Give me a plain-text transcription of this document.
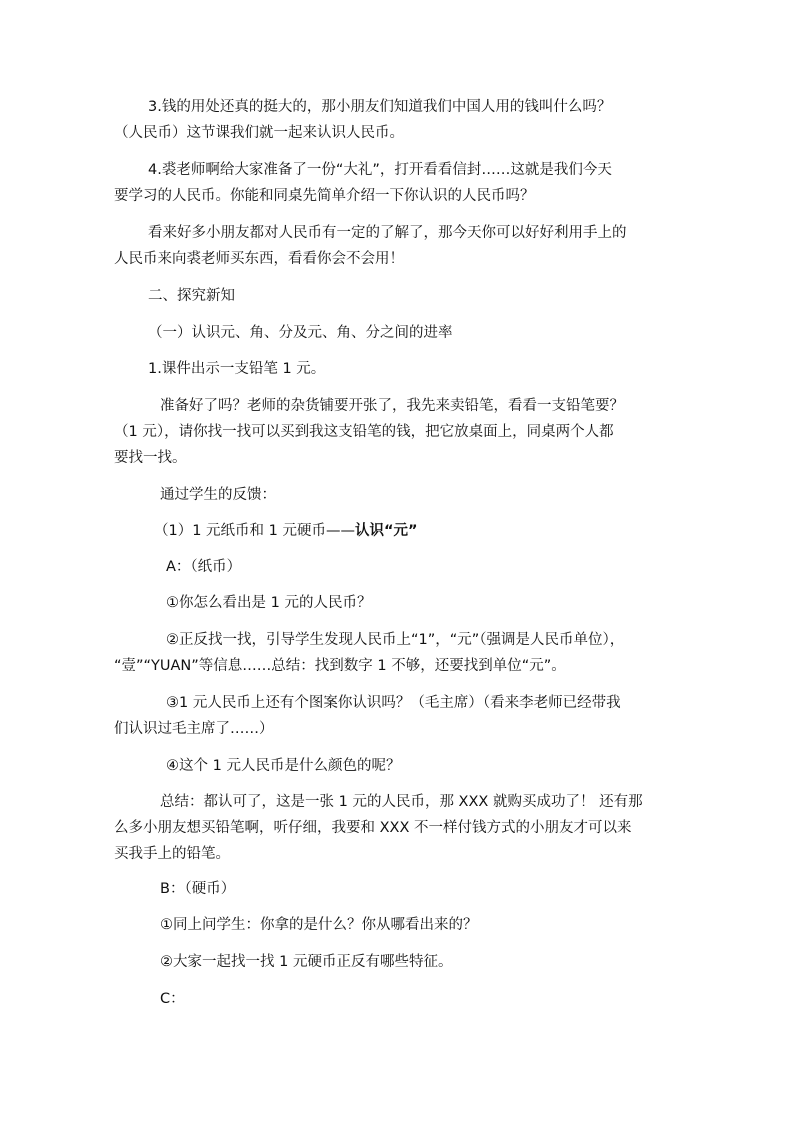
3.钱的用处还真的挺大的，那小朋友们知道我们中国人用的钱叫什么吗？
（人民币）这节课我们就一起来认识人民币。
4.裘老师啊给大家准备了一份“大礼”，打开看看信封……这就是我们今天
要学习的人民币。你能和同桌先简单介绍一下你认识的人民币吗？
看来好多小朋友都对人民币有一定的了解了，那今天你可以好好利用手上的
人民币来向裘老师买东西，看看你会不会用！
二、探究新知
（一）认识元、角、分及元、角、分之间的进率
1.课件出示一支铅笔 1 元。
准备好了吗？老师的杂货铺要开张了，我先来卖铅笔，看看一支铅笔要？
（1 元），请你找一找可以买到我这支铅笔的钱，把它放桌面上，同桌两个人都
要找一找。
通过学生的反馈：
（1）1 元纸币和 1 元硬币——认识“元”
A：（纸币）
①你怎么看出是 1 元的人民币？
②正反找一找，引导学生发现人民币上“1”，“元”（强调是人民币单位），
“壹”“YUAN”等信息……总结：找到数字 1 不够，还要找到单位“元”。
③1 元人民币上还有个图案你认识吗？（毛主席）（看来李老师已经带我
们认识过毛主席了……）
④这个 1 元人民币是什么颜色的呢？
总结：都认可了，这是一张 1 元的人民币，那 XXX 就购买成功了！ 还有那
么多小朋友想买铅笔啊，听仔细，我要和 XXX 不一样付钱方式的小朋友才可以来
买我手上的铅笔。
B：（硬币）
①同上问学生：你拿的是什么？你从哪看出来的？
②大家一起找一找 1 元硬币正反有哪些特征。
C：
